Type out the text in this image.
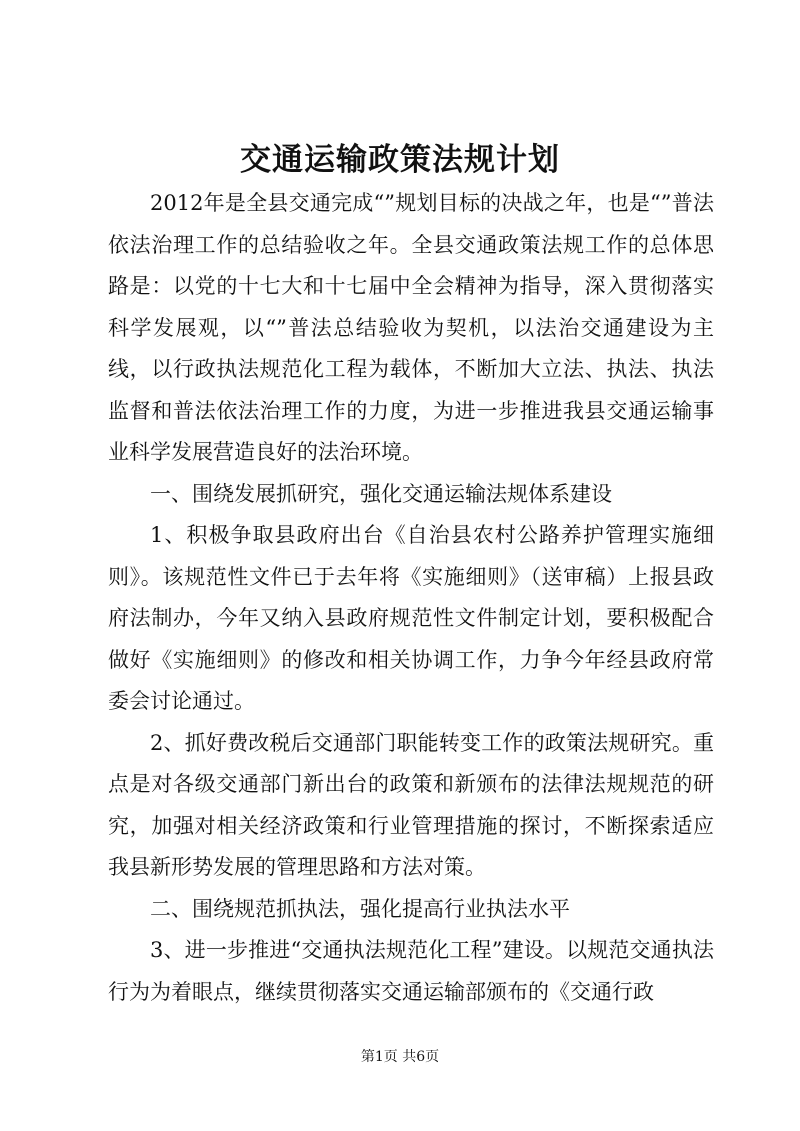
交通运输政策法规计划

2012年是全县交通完成“”规划目标的决战之年，也是“”普法依法治理工作的总结验收之年。全县交通政策法规工作的总体思路是：以党的十七大和十七届中全会精神为指导，深入贯彻落实科学发展观，以“”普法总结验收为契机，以法治交通建设为主线，以行政执法规范化工程为载体，不断加大立法、执法、执法监督和普法依法治理工作的力度，为进一步推进我县交通运输事业科学发展营造良好的法治环境。

一、围绕发展抓研究，强化交通运输法规体系建设

1、积极争取县政府出台《自治县农村公路养护管理实施细则》。该规范性文件已于去年将《实施细则》（送审稿）上报县政府法制办，今年又纳入县政府规范性文件制定计划，要积极配合做好《实施细则》的修改和相关协调工作，力争今年经县政府常委会讨论通过。

2、抓好费改税后交通部门职能转变工作的政策法规研究。重点是对各级交通部门新出台的政策和新颁布的法律法规规范的研究，加强对相关经济政策和行业管理措施的探讨，不断探索适应我县新形势发展的管理思路和方法对策。

二、围绕规范抓执法，强化提高行业执法水平

3、进一步推进“交通执法规范化工程”建设。以规范交通执法行为为着眼点，继续贯彻落实交通运输部颁布的《交通行政

第1页 共6页
